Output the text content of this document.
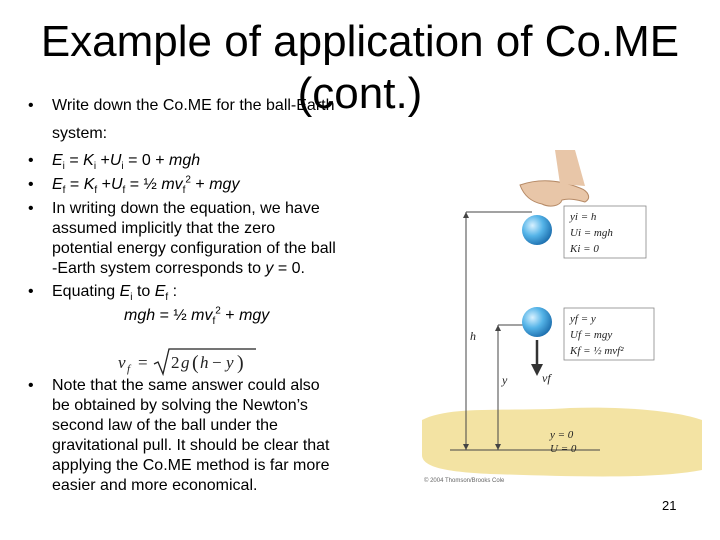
Example of application of Co.ME
(cont.)
• Write down the Co.ME for the ball-Earth
system:
• $E_i = K_i +U_i = 0$ + mgh
• $E_f = K_f +U_f$ = ½ $mv_f^2$ + mgy
• In writing down the equation, we have
assumed implicitly that the zero
potential energy configuration of the ball
-Earth system corresponds to y = 0.
• Equating $E_i$ to $E_f$ :
mgh = ½ $mv_f^2$ + mgy
• Note that the same answer could also
be obtained by solving the Newton’s
second law of the ball under the
gravitational pull. It should be clear that
applying the Co.ME method is far more
easier and more economical.
v f = 2 g ( h − y )
yi = h
Ui = mgh
Ki = 0
yf = y
Uf = mgy
Kf = ½ mvf²
h
y	vf
y = 0
U = 0
© 2004 Thomson/Brooks Cole
21
